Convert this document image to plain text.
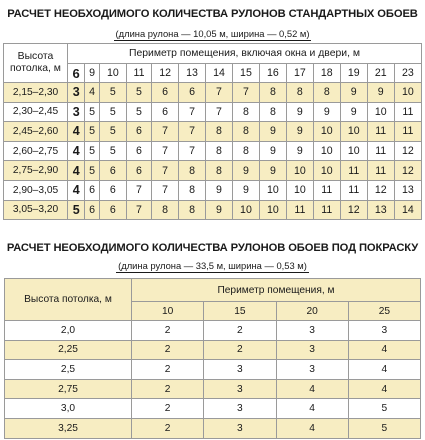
РАСЧЕТ НЕОБХОДИМОГО КОЛИЧЕСТВА РУЛОНОВ СТАНДАРТНЫХ ОБОЕВ
(длина рулона — 10,05 м, ширина — 0,52 м)
Высота потолка, м	Периметр помещения, включая окна и двери, м													
	6	9	10	11	12	13	14	15	16	17	18	19	21	23
2,15–2,30	3	4	5	5	6	6	7	7	8	8	8	9	9	10
2,30–2,45	3	5	5	5	6	7	7	8	8	9	9	9	10	11
2,45–2,60	4	5	5	6	7	7	8	8	9	9	10	10	11	11
2,60–2,75	4	5	5	6	7	7	8	8	9	9	10	10	11	12
2,75–2,90	4	5	6	6	7	8	8	9	9	10	10	11	11	12
2,90–3,05	4	6	6	7	7	8	9	9	10	10	11	11	12	13
3,05–3,20	5	6	6	7	8	8	9	10	10	11	11	12	13	14
РАСЧЕТ НЕОБХОДИМОГО КОЛИЧЕСТВА РУЛОНОВ ОБОЕВ ПОД ПОКРАСКУ
(длина рулона — 33,5 м, ширина — 0,53 м)
Высота потолка, м	Периметр помещения, м			
	10	15	20	25
2,0	2	2	3	3
2,25	2	2	3	4
2,5	2	3	3	4
2,75	2	3	4	4
3,0	2	3	4	5
3,25	2	3	4	5
